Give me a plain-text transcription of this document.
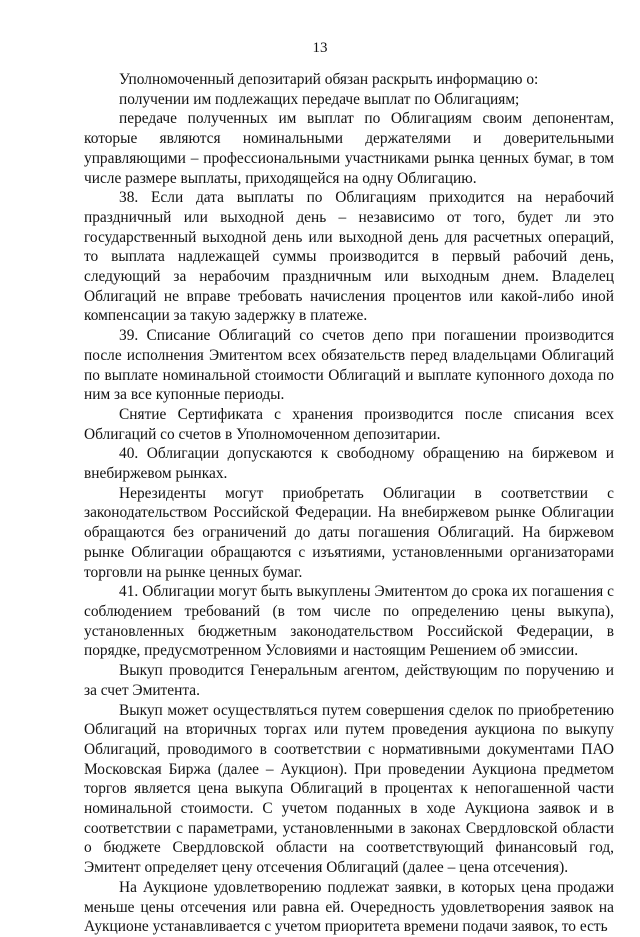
13

Уполномоченный депозитарий обязан раскрыть информацию о:

получении им подлежащих передаче выплат по Облигациям;

передаче полученных им выплат по Облигациям своим депонентам, которые являются номинальными держателями и доверительными управляющими – профессиональными участниками рынка ценных бумаг, в том числе размере выплаты, приходящейся на одну Облигацию.

38. Если дата выплаты по Облигациям приходится на нерабочий праздничный или выходной день – независимо от того, будет ли это государственный выходной день или выходной день для расчетных операций, то выплата надлежащей суммы производится в первый рабочий день, следующий за нерабочим праздничным или выходным днем. Владелец Облигаций не вправе требовать начисления процентов или какой-либо иной компенсации за такую задержку в платеже.

39. Списание Облигаций со счетов депо при погашении производится после исполнения Эмитентом всех обязательств перед владельцами Облигаций по выплате номинальной стоимости Облигаций и выплате купонного дохода по ним за все купонные периоды.

Снятие Сертификата с хранения производится после списания всех Облигаций со счетов в Уполномоченном депозитарии.

40. Облигации допускаются к свободному обращению на биржевом и внебиржевом рынках.

Нерезиденты могут приобретать Облигации в соответствии с законодательством Российской Федерации. На внебиржевом рынке Облигации обращаются без ограничений до даты погашения Облигаций. На биржевом рынке Облигации обращаются с изъятиями, установленными организаторами торговли на рынке ценных бумаг.

41. Облигации могут быть выкуплены Эмитентом до срока их погашения с соблюдением требований (в том числе по определению цены выкупа), установленных бюджетным законодательством Российской Федерации, в порядке, предусмотренном Условиями и настоящим Решением об эмиссии.

Выкуп проводится Генеральным агентом, действующим по поручению и за счет Эмитента.

Выкуп может осуществляться путем совершения сделок по приобретению Облигаций на вторичных торгах или путем проведения аукциона по выкупу Облигаций, проводимого в соответствии с нормативными документами ПАО Московская Биржа (далее – Аукцион). При проведении Аукциона предметом торгов является цена выкупа Облигаций в процентах к непогашенной части номинальной стоимости. С учетом поданных в ходе Аукциона заявок и в соответствии с параметрами, установленными в законах Свердловской области о бюджете Свердловской области на соответствующий финансовый год, Эмитент определяет цену отсечения Облигаций (далее – цена отсечения).

На Аукционе удовлетворению подлежат заявки, в которых цена продажи меньше цены отсечения или равна ей. Очередность удовлетворения заявок на Аукционе устанавливается с учетом приоритета времени подачи заявок, то есть
